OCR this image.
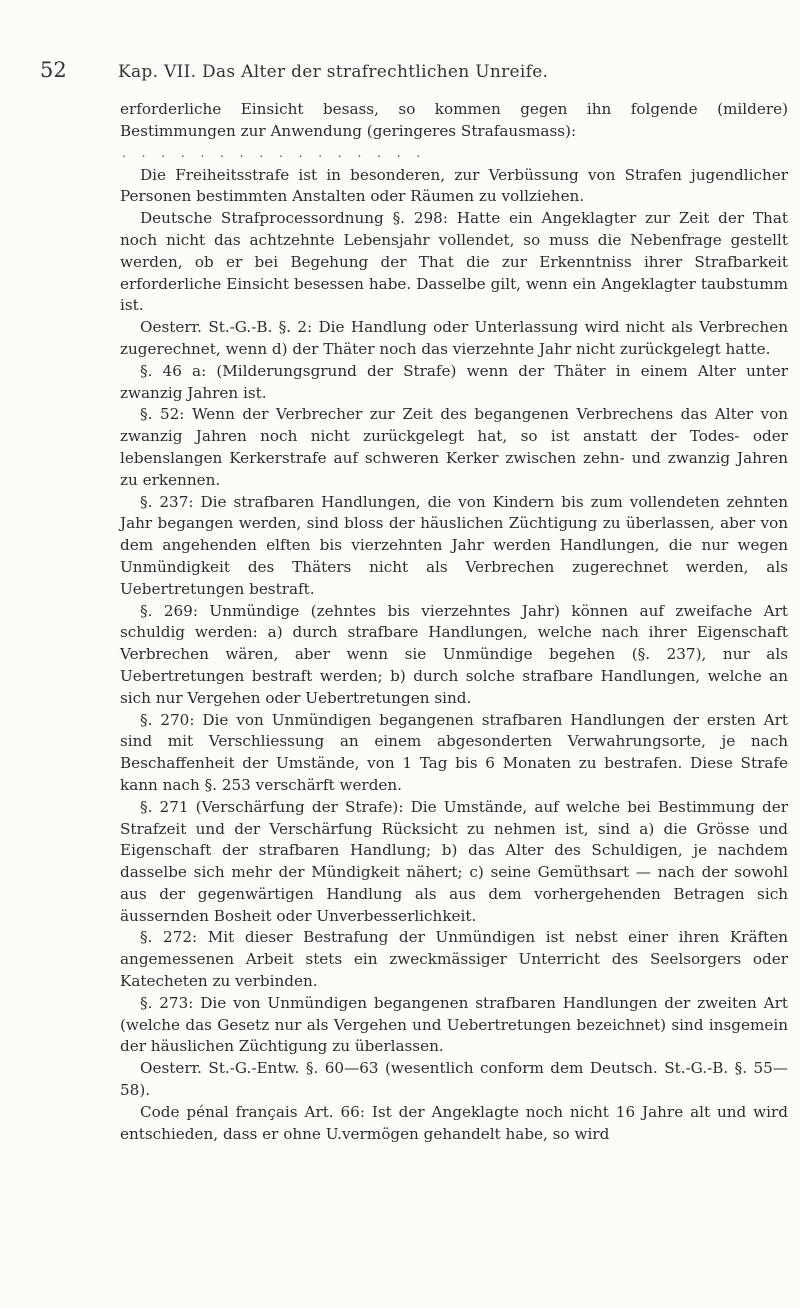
52	Kap. VII. Das Alter der strafrechtlichen Unreife.

erforderliche Einsicht besass, so kommen gegen ihn folgende (mildere) Bestimmungen zur Anwendung (geringeres Strafausmass):

. . . . . . . . . . . . . . . .

Die Freiheitsstrafe ist in besonderen, zur Verbüssung von Strafen jugendlicher Personen bestimmten Anstalten oder Räumen zu vollziehen.

Deutsche Strafprocessordnung §. 298: Hatte ein Angeklagter zur Zeit der That noch nicht das achtzehnte Lebensjahr vollendet, so muss die Nebenfrage gestellt werden, ob er bei Begehung der That die zur Erkenntniss ihrer Strafbarkeit erforderliche Einsicht besessen habe. Dasselbe gilt, wenn ein Angeklagter taubstumm ist.

Oesterr. St.-G.-B. §. 2: Die Handlung oder Unterlassung wird nicht als Verbrechen zugerechnet, wenn d) der Thäter noch das vierzehnte Jahr nicht zurückgelegt hatte.

§. 46 a: (Milderungsgrund der Strafe) wenn der Thäter in einem Alter unter zwanzig Jahren ist.

§. 52: Wenn der Verbrecher zur Zeit des begangenen Verbrechens das Alter von zwanzig Jahren noch nicht zurückgelegt hat, so ist anstatt der Todes- oder lebenslangen Kerkerstrafe auf schweren Kerker zwischen zehn- und zwanzig Jahren zu erkennen.

§. 237: Die strafbaren Handlungen, die von Kindern bis zum vollendeten zehnten Jahr begangen werden, sind bloss der häuslichen Züchtigung zu überlassen, aber von dem angehenden elften bis vierzehnten Jahr werden Handlungen, die nur wegen Unmündigkeit des Thäters nicht als Verbrechen zugerechnet werden, als Uebertretungen bestraft.

§. 269: Unmündige (zehntes bis vierzehntes Jahr) können auf zweifache Art schuldig werden: a) durch strafbare Handlungen, welche nach ihrer Eigenschaft Verbrechen wären, aber wenn sie Unmündige begehen (§. 237), nur als Uebertretungen bestraft werden; b) durch solche strafbare Handlungen, welche an sich nur Vergehen oder Uebertretungen sind.

§. 270: Die von Unmündigen begangenen strafbaren Handlungen der ersten Art sind mit Verschliessung an einem abgesonderten Verwahrungsorte, je nach Beschaffenheit der Umstände, von 1 Tag bis 6 Monaten zu bestrafen. Diese Strafe kann nach §. 253 verschärft werden.

§. 271 (Verschärfung der Strafe): Die Umstände, auf welche bei Bestimmung der Strafzeit und der Verschärfung Rücksicht zu nehmen ist, sind a) die Grösse und Eigenschaft der strafbaren Handlung; b) das Alter des Schuldigen, je nachdem dasselbe sich mehr der Mündigkeit nähert; c) seine Gemüthsart — nach der sowohl aus der gegenwärtigen Handlung als aus dem vorhergehenden Betragen sich äussernden Bosheit oder Unverbesserlichkeit.

§. 272: Mit dieser Bestrafung der Unmündigen ist nebst einer ihren Kräften angemessenen Arbeit stets ein zweckmässiger Unterricht des Seelsorgers oder Katecheten zu verbinden.

§. 273: Die von Unmündigen begangenen strafbaren Handlungen der zweiten Art (welche das Gesetz nur als Vergehen und Uebertretungen bezeichnet) sind insgemein der häuslichen Züchtigung zu überlassen.

Oesterr. St.-G.-Entw. §. 60—63 (wesentlich conform dem Deutsch. St.-G.-B. §. 55—58).

Code pénal français Art. 66: Ist der Angeklagte noch nicht 16 Jahre alt und wird entschieden, dass er ohne U.vermögen gehandelt habe, so wird
